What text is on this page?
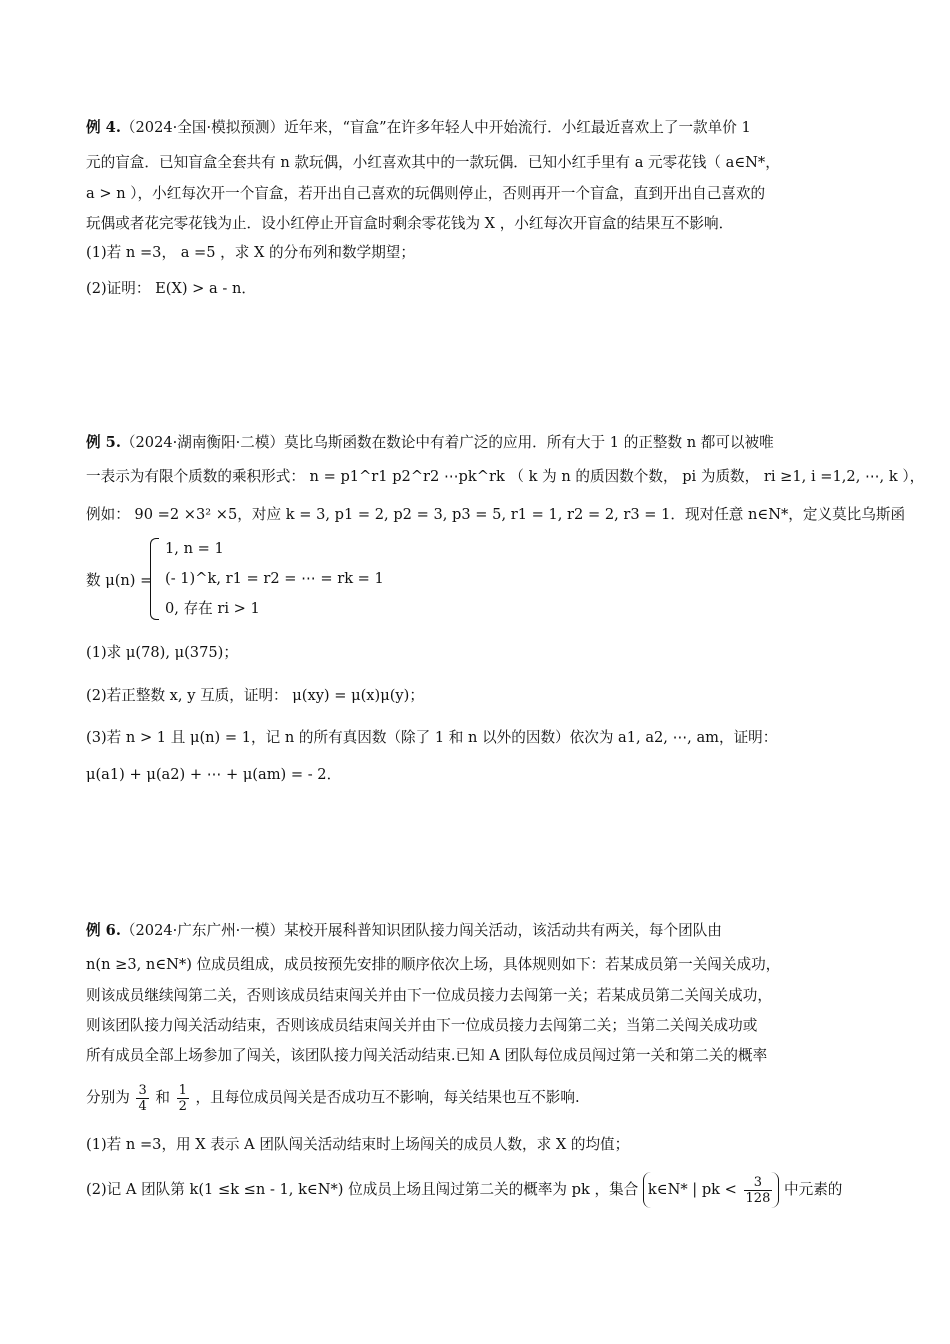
例 4.（2024·全国·模拟预测）近年来，“盲盒”在许多年轻人中开始流行．小红最近喜欢上了一款单价 1
元的盲盒．已知盲盒全套共有 n 款玩偶，小红喜欢其中的一款玩偶．已知小红手里有 a 元零花钱（ a∈N*，
a > n ），小红每次开一个盲盒，若开出自己喜欢的玩偶则停止，否则再开一个盲盒，直到开出自己喜欢的
玩偶或者花完零花钱为止．设小红停止开盲盒时剩余零花钱为 X ，小红每次开盲盒的结果互不影响．
(1)若 n =3， a =5 ，求 X 的分布列和数学期望；
(2)证明： E(X) > a - n．
例 5.（2024·湖南衡阳·二模）莫比乌斯函数在数论中有着广泛的应用．所有大于 1 的正整数 n 都可以被唯
一表示为有限个质数的乘积形式： n = p1^r1 p2^r2 ⋯pk^rk （ k 为 n 的质因数个数， pi 为质数， ri ≥1, i =1,2, ⋯, k ），
例如： 90 =2 ×3² ×5，对应 k = 3, p1 = 2, p2 = 3, p3 = 5, r1 = 1, r2 = 2, r3 = 1．现对任意 n∈N*，定义莫比乌斯函
数 μ(n) =
1, n = 1
(- 1)^k, r1 = r2 = ⋯ = rk = 1
0, 存在 ri > 1
(1)求 μ(78), μ(375)；
(2)若正整数 x, y 互质，证明： μ(xy) = μ(x)μ(y)；
(3)若 n > 1 且 μ(n) = 1，记 n 的所有真因数（除了 1 和 n 以外的因数）依次为 a1, a2, ⋯, am，证明：
μ(a1) + μ(a2) + ⋯ + μ(am) = - 2．
例 6.（2024·广东广州·一模）某校开展科普知识团队接力闯关活动，该活动共有两关，每个团队由
n(n ≥3, n∈N*) 位成员组成，成员按预先安排的顺序依次上场，具体规则如下：若某成员第一关闯关成功，
则该成员继续闯第二关，否则该成员结束闯关并由下一位成员接力去闯第一关；若某成员第二关闯关成功，
则该团队接力闯关活动结束，否则该成员结束闯关并由下一位成员接力去闯第二关；当第二关闯关成功或
所有成员全部上场参加了闯关，该团队接力闯关活动结束.已知 A 团队每位成员闯过第一关和第二关的概率
分别为 $\frac{3}{4}$ 和 $\frac{1}{2}$ ，且每位成员闯关是否成功互不影响，每关结果也互不影响.
(1)若 n =3，用 X 表示 A 团队闯关活动结束时上场闯关的成员人数，求 X 的均值；
(2)记 A 团队第 k(1 ≤k ≤n - 1, k∈N*) 位成员上场且闯过第二关的概率为 pk ，集合 k∈N* | pk < $\frac{3}{128}$ 中元素的
